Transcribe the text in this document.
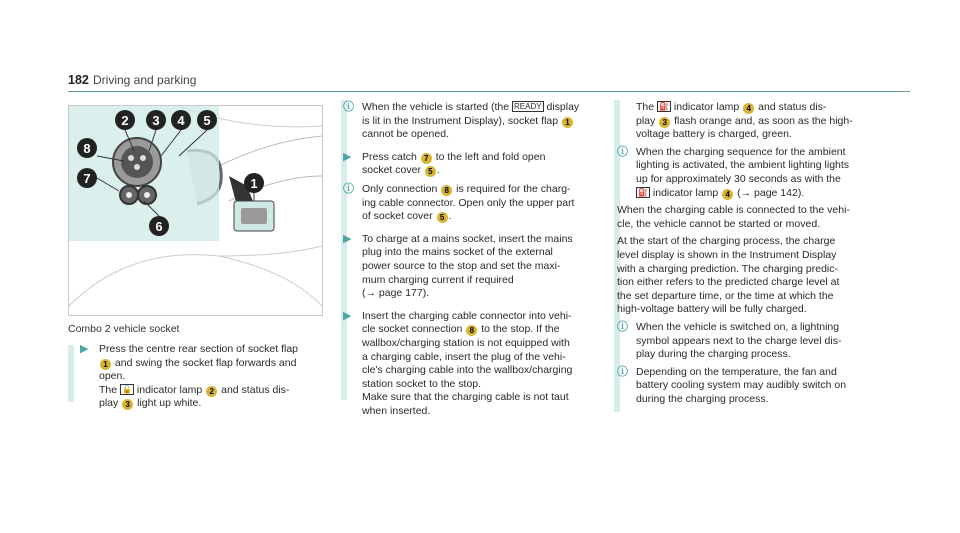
182 Driving and parking
2 3 4 5
8
7	1
6
Combo 2 vehicle socket
▶ Press the centre rear section of socket flap
1 and swing the socket flap forwards and
open.
The 🔓 indicator lamp 2 and status dis-
play 3 light up white.
ⓘ When the vehicle is started (the READY display
is lit in the Instrument Display), socket flap 1
cannot be opened.
▶ Press catch 7 to the left and fold open
socket cover 5 .
ⓘ Only connection 8 is required for the charg-
ing cable connector. Open only the upper part
of socket cover 5 .
▶ To charge at a mains socket, insert the mains
plug into the mains socket of the external
power source to the stop and set the maxi-
mum charging current if required
(→ page 177).
▶ Insert the charging cable connector into vehi-
cle socket connection 8 to the stop. If the
wallbox/charging station is not equipped with
a charging cable, insert the plug of the vehi-
cle's charging cable into the wallbox/charging
station socket to the stop.
Make sure that the charging cable is not taut
when inserted.
The ⛽ indicator lamp 4 and status dis-
play 3 flash orange and, as soon as the high-
voltage battery is charged, green.
ⓘ When the charging sequence for the ambient
lighting is activated, the ambient lighting lights
up for approximately 30 seconds as with the
⛽ indicator lamp 4 (→ page 142).
When the charging cable is connected to the vehi-
cle, the vehicle cannot be started or moved.
At the start of the charging process, the charge
level display is shown in the Instrument Display
with a charging prediction. The charging predic-
tion either refers to the predicted charge level at
the set departure time, or the time at which the
high-voltage battery will be fully charged.
ⓘ When the vehicle is switched on, a lightning
symbol appears next to the charge level dis-
play during the charging process.
ⓘ Depending on the temperature, the fan and
battery cooling system may audibly switch on
during the charging process.
